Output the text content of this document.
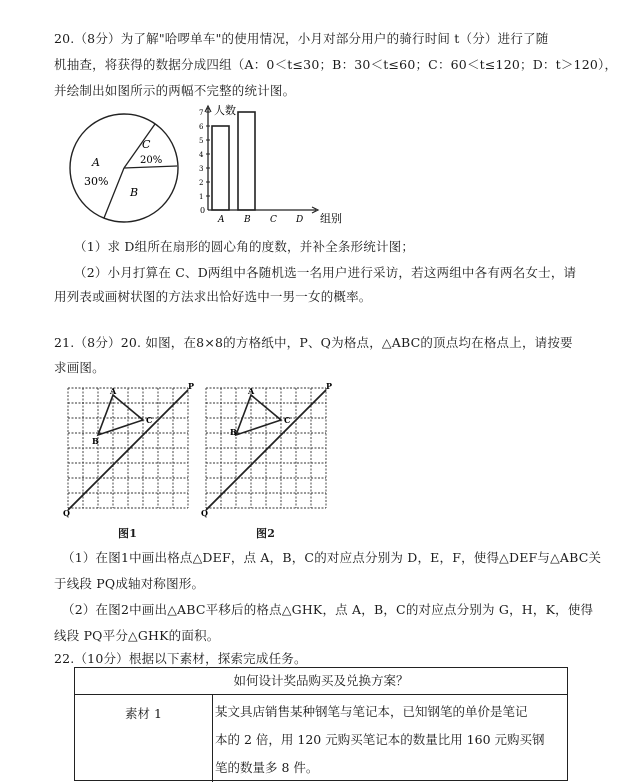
20.（8分）为了解"哈啰单车"的使用情况，小月对部分用户的骑行时间 t（分）进行了随
机抽查，将获得的数据分成四组（A：0＜t≤30；B：30＜t≤60；C：60＜t≤120；D：t＞120），
并绘制出如图所示的两幅不完整的统计图。
A
30%
C
20%
B
人数
组别
0
1
2
3
4
5
6
7
A B C D
（1）求 D组所在扇形的圆心角的度数，并补全条形统计图；
（2）小月打算在 C、D两组中各随机选一名用户进行采访，若这两组中各有两名女士，请
用列表或画树状图的方法求出恰好选中一男一女的概率。
21.（8分）20. 如图，在8×8的方格纸中，P、Q为格点，△ABC的顶点均在格点上，请按要
求画图。
A
B
C
P
Q
图1
A
B
C
P
Q
图2
（1）在图1中画出格点△DEF，点 A，B，C的对应点分别为 D，E，F，使得△DEF与△ABC关
于线段 PQ成轴对称图形。
（2）在图2中画出△ABC平移后的格点△GHK，点 A，B，C的对应点分别为 G，H，K，使得
线段 PQ平分△GHK的面积。
22.（10分）根据以下素材，探索完成任务。
如何设计奖品购买及兑换方案？
素材 1	某文具店销售某种钢笔与笔记本，已知钢笔的单价是笔记
本的 2 倍，用 120 元购买笔记本的数量比用 160 元购买钢
笔的数量多 8 件。
